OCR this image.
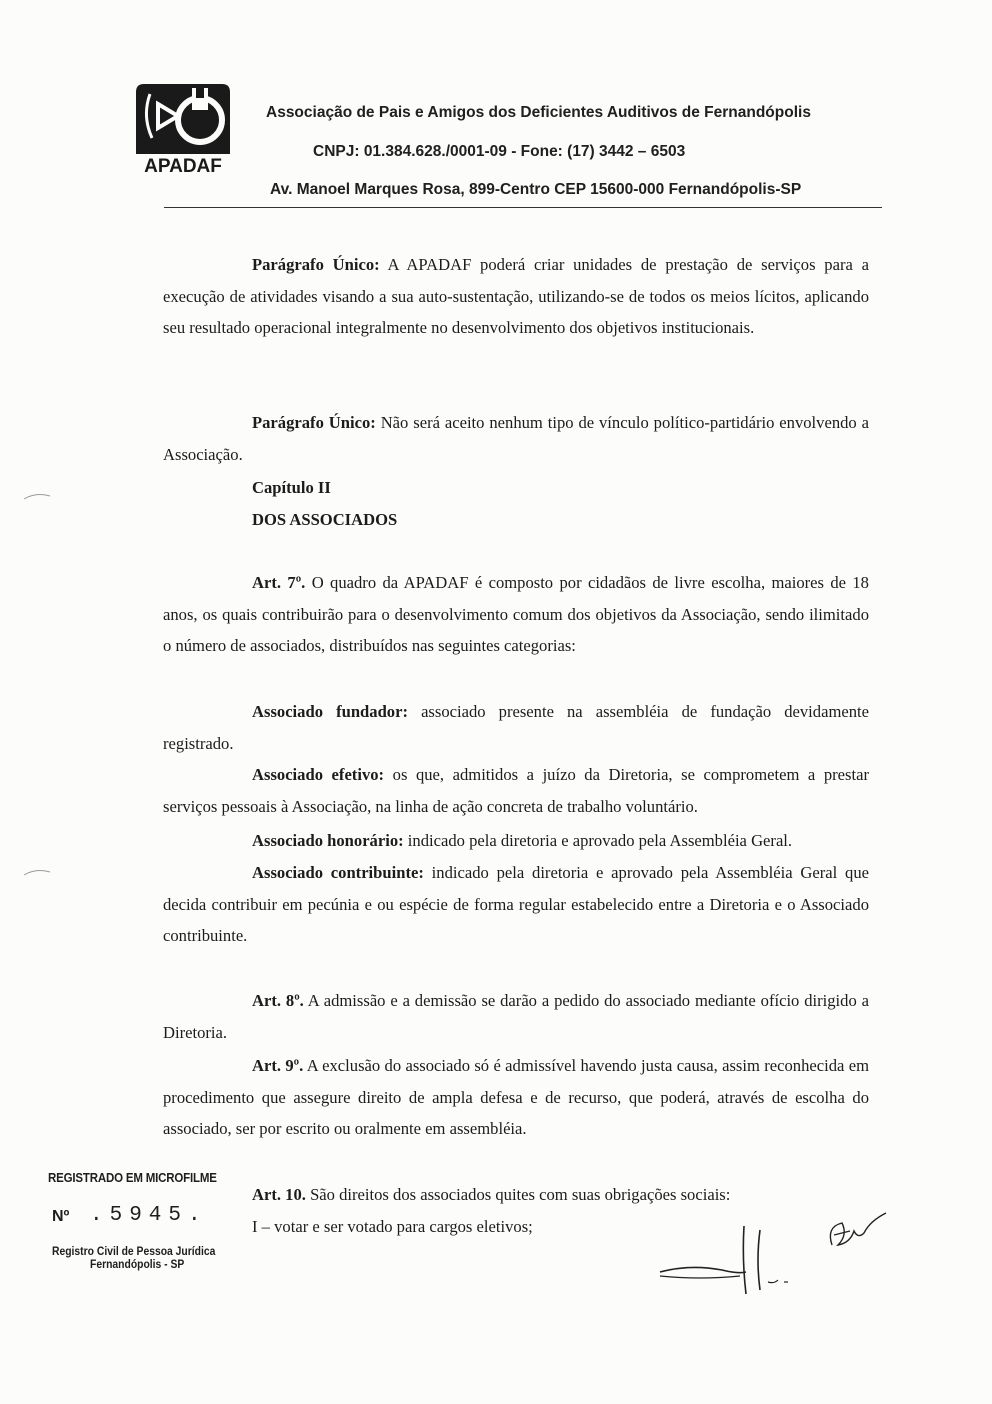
APADAF
Associação de Pais e Amigos dos Deficientes Auditivos de Fernandópolis
CNPJ: 01.384.628./0001-09 - Fone: (17) 3442 – 6503
Av. Manoel Marques Rosa, 899-Centro CEP 15600-000 Fernandópolis-SP
Parágrafo Único: A APADAF poderá criar unidades de prestação de serviços para a execução de atividades visando a sua auto-sustentação, utilizando-se de todos os meios lícitos, aplicando seu resultado operacional integralmente no desenvolvimento dos objetivos institucionais.
Parágrafo Único: Não será aceito nenhum tipo de vínculo político-partidário envolvendo a Associação.
Capítulo II
DOS ASSOCIADOS
Art. 7º. O quadro da APADAF é composto por cidadãos de livre escolha, maiores de 18 anos, os quais contribuirão para o desenvolvimento comum dos objetivos da Associação, sendo ilimitado o número de associados, distribuídos nas seguintes categorias:
Associado fundador: associado presente na assembléia de fundação devidamente registrado.
Associado efetivo: os que, admitidos a juízo da Diretoria, se comprometem a prestar serviços pessoais à Associação, na linha de ação concreta de trabalho voluntário.
Associado honorário: indicado pela diretoria e aprovado pela Assembléia Geral.
Associado contribuinte: indicado pela diretoria e aprovado pela Assembléia Geral que decida contribuir em pecúnia e ou espécie de forma regular estabelecido entre a Diretoria e o Associado contribuinte.
Art. 8º. A admissão e a demissão se darão a pedido do associado mediante ofício dirigido a Diretoria.
Art. 9º. A exclusão do associado só é admissível havendo justa causa, assim reconhecida em procedimento que assegure direito de ampla defesa e de recurso, que poderá, através de escolha do associado, ser por escrito ou oralmente em assembléia.
Art. 10. São direitos dos associados quites com suas obrigações sociais:
I – votar e ser votado para cargos eletivos;
REGISTRADO EM MICROFILME
Nº .5945.
Registro Civil de Pessoa Jurídica
Fernandópolis - SP
